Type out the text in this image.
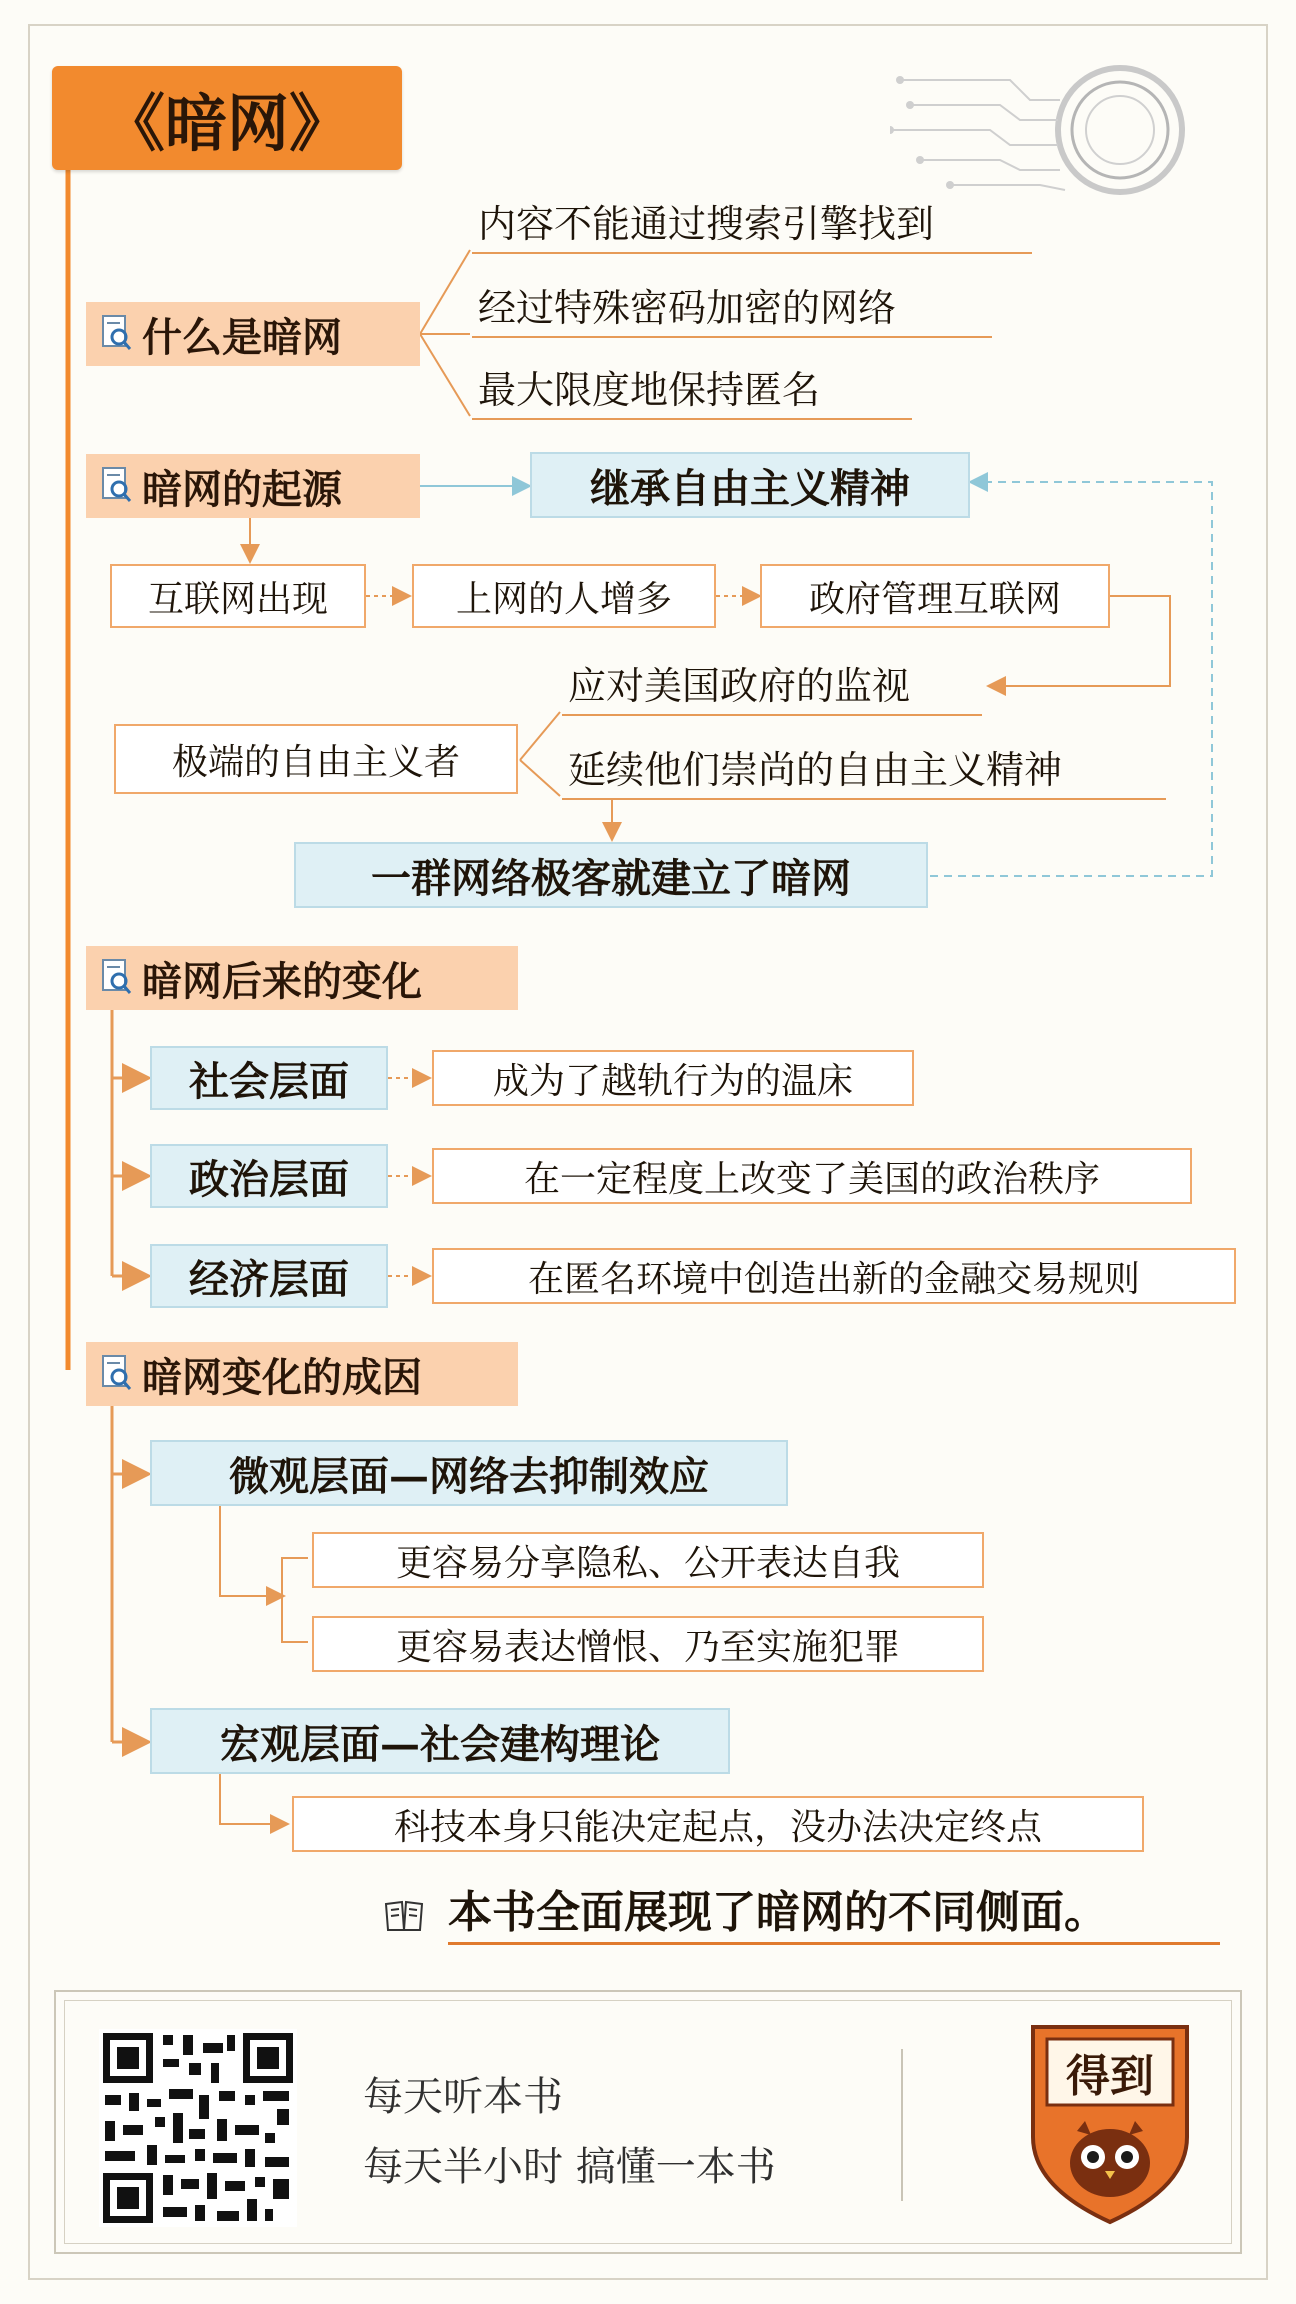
《暗网》
什么是暗网
内容不能通过搜索引擎找到
经过特殊密码加密的网络
最大限度地保持匿名
暗网的起源	继承自由主义精神
互联网出现	上网的人增多	政府管理互联网
极端的自由主义者
应对美国政府的监视
延续他们崇尚的自由主义精神
一群网络极客就建立了暗网
暗网后来的变化
社会层面	成为了越轨行为的温床
政治层面	在一定程度上改变了美国的政治秩序
经济层面	在匿名环境中创造出新的金融交易规则
暗网变化的成因
微观层面—网络去抑制效应
更容易分享隐私、公开表达自我
更容易表达憎恨、乃至实施犯罪
宏观层面—社会建构理论
科技本身只能决定起点，没办法决定终点
本书全面展现了暗网的不同侧面。
每天听本书
每天半小时 搞懂一本书
得到
